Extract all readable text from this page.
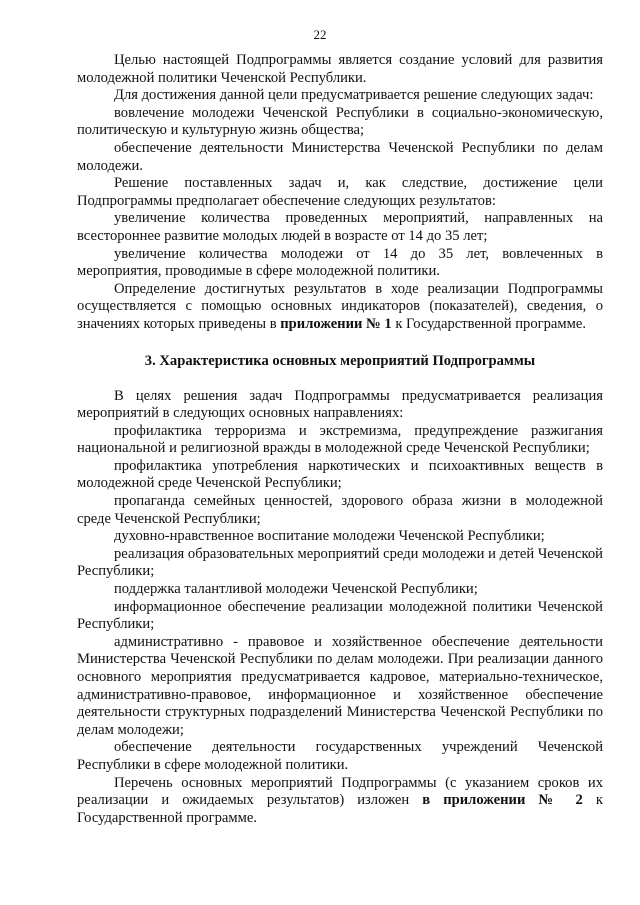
22

Целью настоящей Подпрограммы является создание условий для развития молодежной политики Чеченской Республики.

Для достижения данной цели предусматривается решение следующих задач:

вовлечение молодежи Чеченской Республики в социально-экономическую, политическую и культурную жизнь общества;

обеспечение деятельности Министерства Чеченской Республики по делам молодежи.

Решение поставленных задач и, как следствие, достижение цели Подпрограммы предполагает обеспечение следующих результатов:

увеличение количества проведенных мероприятий, направленных на всестороннее развитие молодых людей в возрасте от 14 до 35 лет;

увеличение количества молодежи от 14 до 35 лет, вовлеченных в мероприятия, проводимые в сфере молодежной политики.

Определение достигнутых результатов в ходе реализации Подпрограммы осуществляется с помощью основных индикаторов (показателей), сведения, о значениях которых приведены в приложении № 1 к Государственной программе.

3. Характеристика основных мероприятий Подпрограммы

В целях решения задач Подпрограммы предусматривается реализация мероприятий в следующих основных направлениях:

профилактика терроризма и экстремизма, предупреждение разжигания национальной и религиозной вражды в молодежной среде Чеченской Республики;

профилактика употребления наркотических и психоактивных веществ в молодежной среде Чеченской Республики;

пропаганда семейных ценностей, здорового образа жизни в молодежной среде Чеченской Республики;

духовно-нравственное воспитание молодежи Чеченской Республики;

реализация образовательных мероприятий среди молодежи и детей Чеченской Республики;

поддержка талантливой молодежи Чеченской Республики;

информационное обеспечение реализации молодежной политики Чеченской Республики;

административно - правовое и хозяйственное обеспечение деятельности Министерства Чеченской Республики по делам молодежи. При реализации данного основного мероприятия предусматривается кадровое, материально-техническое, административно-правовое, информационное и хозяйственное обеспечение деятельности структурных подразделений Министерства Чеченской Республики по делам молодежи;

обеспечение деятельности государственных учреждений Чеченской Республики в сфере молодежной политики.

Перечень основных мероприятий Подпрограммы (с указанием сроков их реализации и ожидаемых результатов) изложен в приложении № 2 к Государственной программе.
